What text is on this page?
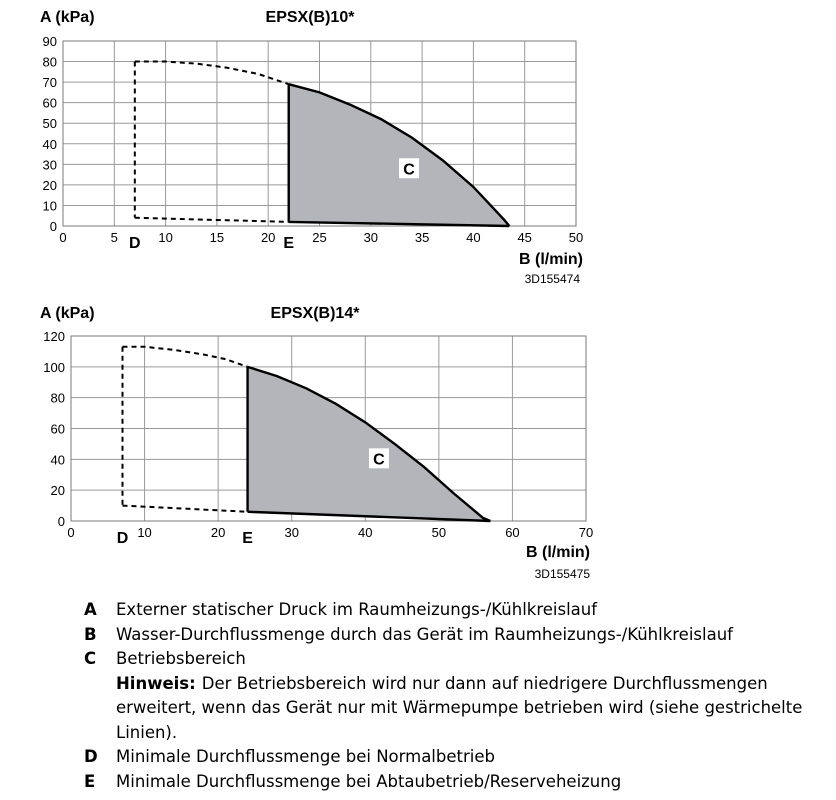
C
0
10
20
30
40
50
60
70
80
90
0	5	10	15	20	25	30	35	40	45	50
D	E
EPSX(B)10*
A (kPa)
B (l/min)
3D155474
C
0
20
40
60
80
100
120
0	10	20	30	40	50	60	70
D	E
EPSX(B)14*
A (kPa)
B (l/min)
3D155475
A	Externer statischer Druck im Raumheizungs-/Kühlkreislauf
B	Wasser-Durchflussmenge durch das Gerät im Raumheizungs-/Kühlkreislauf
C	Betriebsbereich
Hinweis: Der Betriebsbereich wird nur dann auf niedrigere Durchflussmengen erweitert, wenn das Gerät nur mit Wärmepumpe betrieben wird (siehe gestrichelte Linien).
D	Minimale Durchflussmenge bei Normalbetrieb
E	Minimale Durchflussmenge bei Abtaubetrieb/Reserveheizung
